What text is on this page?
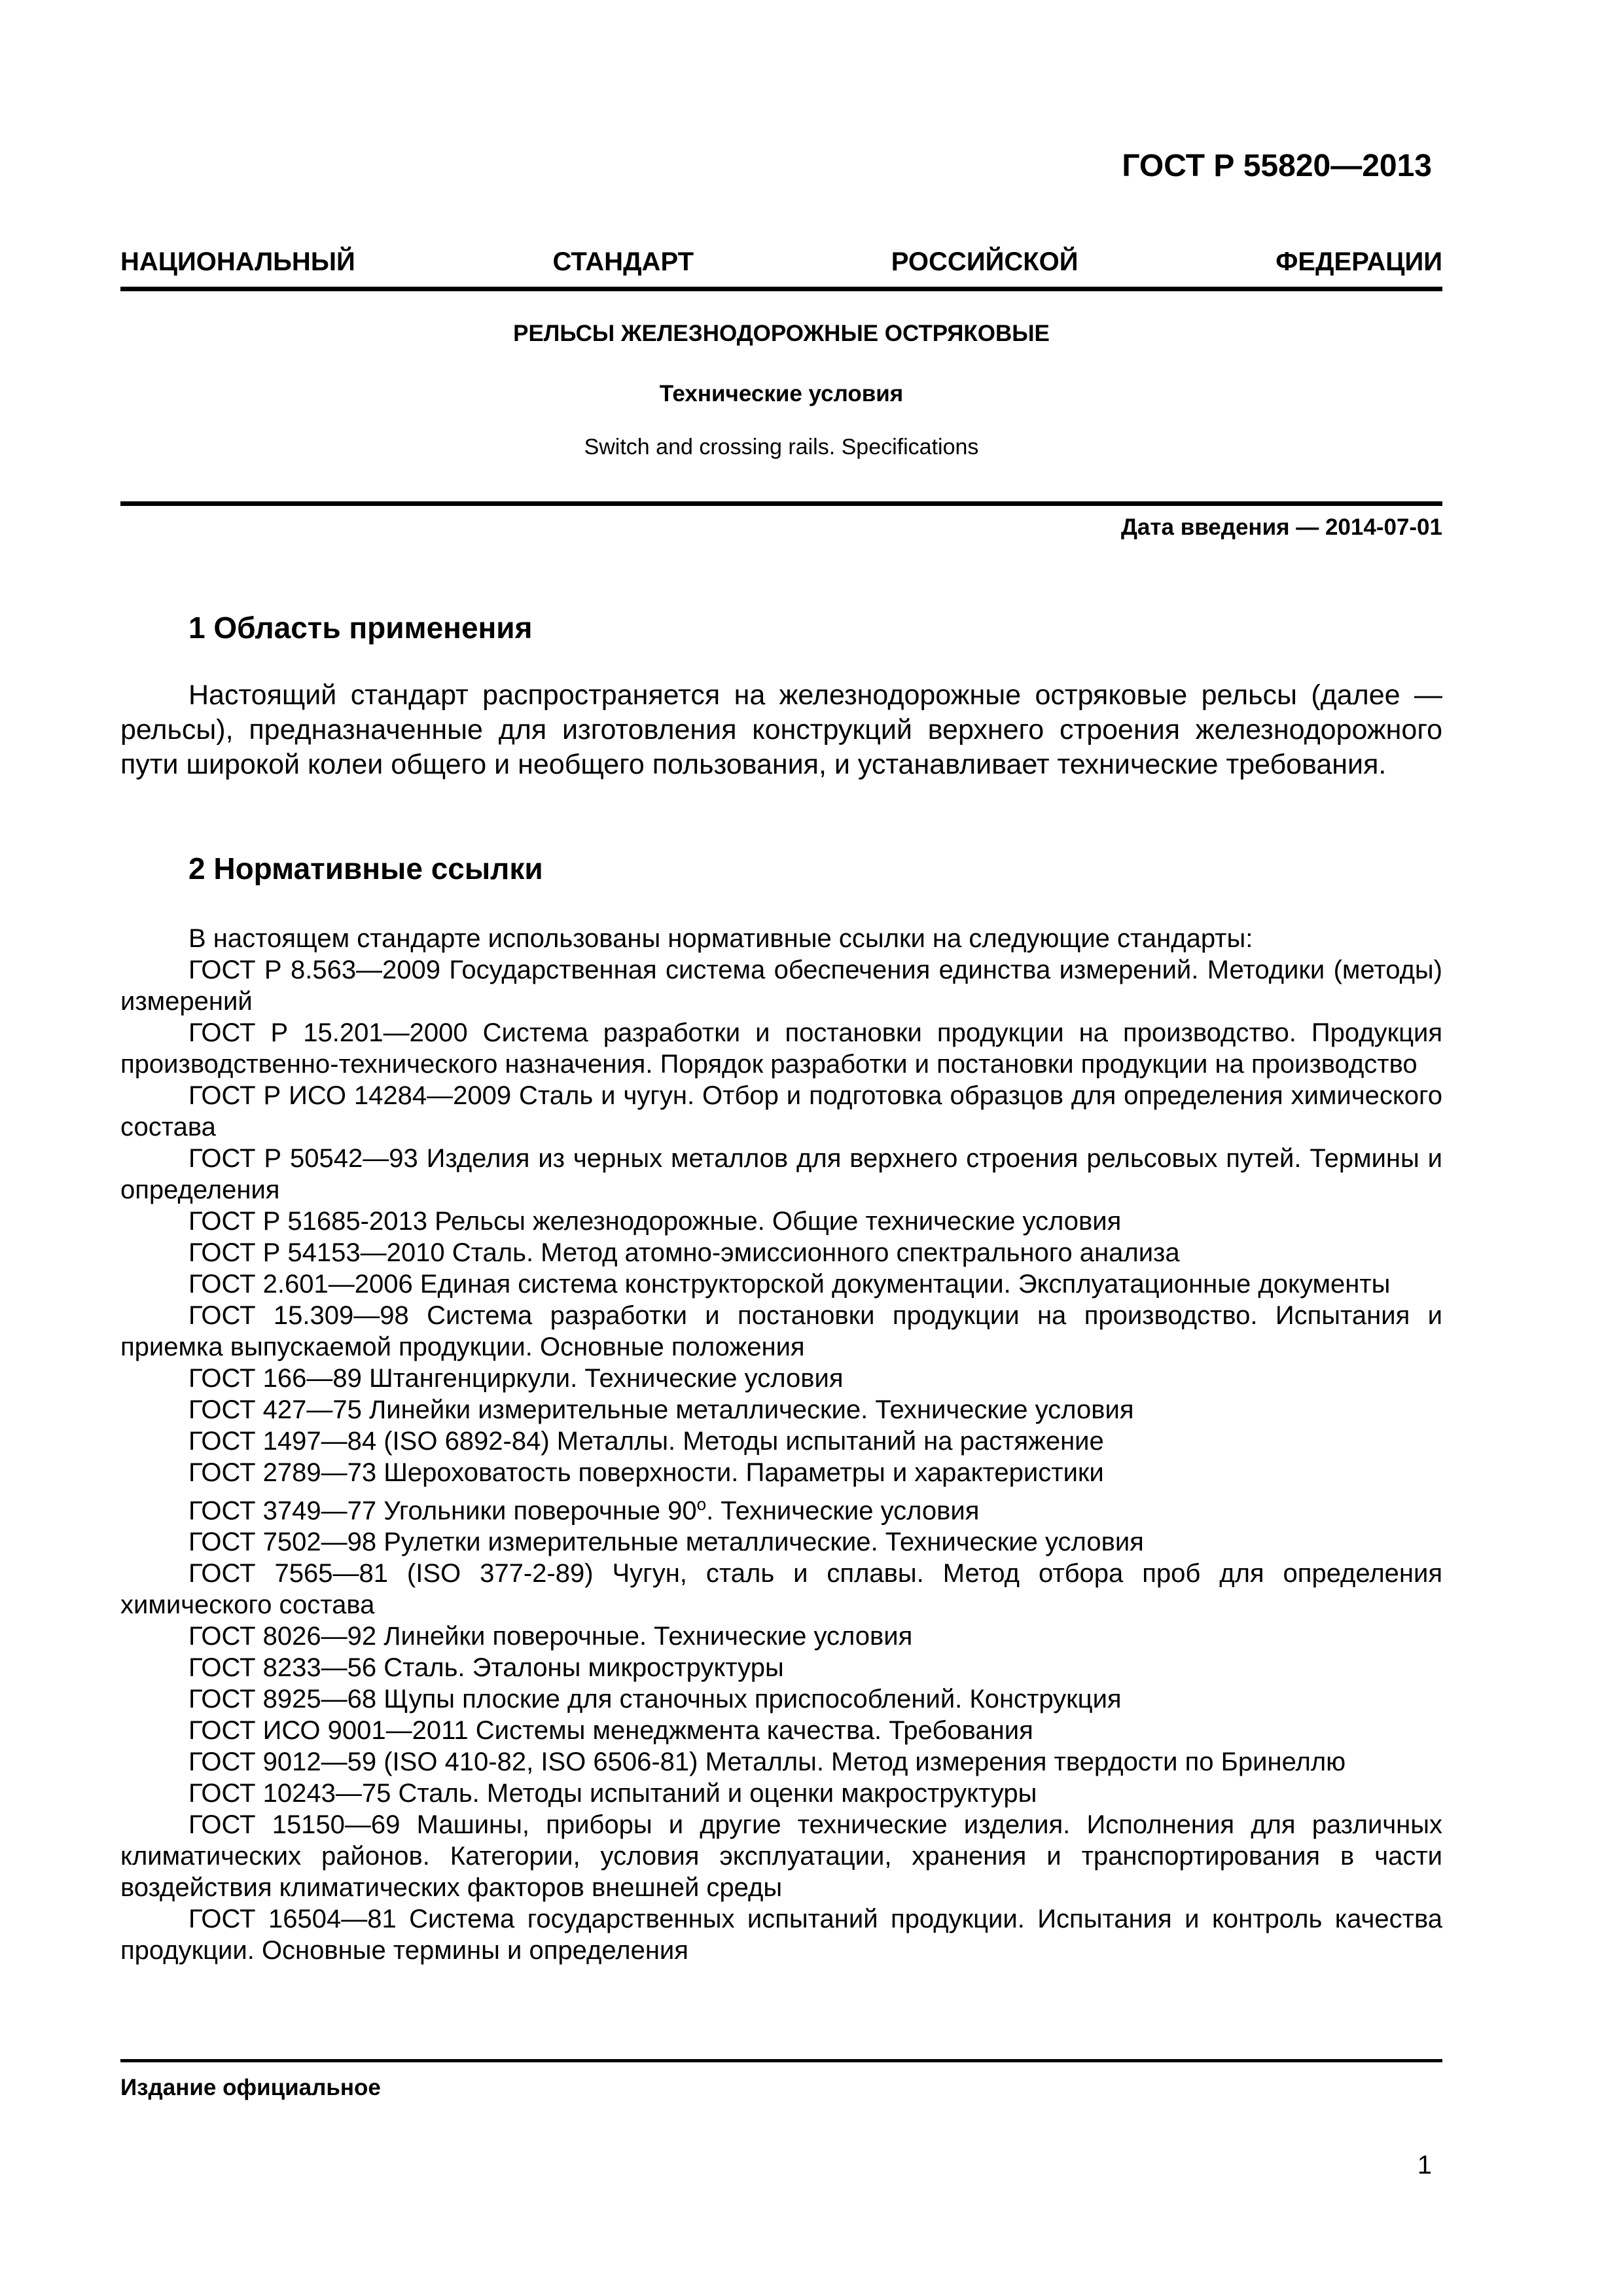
ГОСТ Р 55820—2013
НАЦИОНАЛЬНЫЙ	СТАНДАРТ	РОССИЙСКОЙ	ФЕДЕРАЦИИ
РЕЛЬСЫ ЖЕЛЕЗНОДОРОЖНЫЕ ОСТРЯКОВЫЕ
Технические условия
Switch and crossing rails. Specifications
Дата введения — 2014-07-01
1 Область применения

Настоящий стандарт распространяется на железнодорожные остряковые рельсы (далее — рельсы), предназначенные для изготовления конструкций верхнего строения железнодорожного пути широкой колеи общего и необщего пользования, и устанавливает технические требования.

2 Нормативные ссылки

В настоящем стандарте использованы нормативные ссылки на следующие стандарты:

ГОСТ Р 8.563—2009 Государственная система обеспечения единства измерений. Методики (методы) измерений

ГОСТ Р 15.201—2000 Система разработки и постановки продукции на производство. Продукция производственно-технического назначения. Порядок разработки и постановки продукции на производство

ГОСТ Р ИСО 14284—2009 Сталь и чугун. Отбор и подготовка образцов для определения химического состава

ГОСТ Р 50542—93 Изделия из черных металлов для верхнего строения рельсовых путей. Термины и определения

ГОСТ Р 51685-2013 Рельсы железнодорожные. Общие технические условия

ГОСТ Р 54153—2010 Сталь. Метод атомно-эмиссионного спектрального анализа

ГОСТ 2.601—2006 Единая система конструкторской документации. Эксплуатационные документы

ГОСТ 15.309—98 Система разработки и постановки продукции на производство. Испытания и приемка выпускаемой продукции. Основные положения

ГОСТ 166—89 Штангенциркули. Технические условия

ГОСТ 427—75 Линейки измерительные металлические. Технические условия

ГОСТ 1497—84 (ISO 6892-84) Металлы. Методы испытаний на растяжение

ГОСТ 2789—73 Шероховатость поверхности. Параметры и характеристики

ГОСТ 3749—77 Угольники поверочные 90$^o$. Технические условия

ГОСТ 7502—98 Рулетки измерительные металлические. Технические условия

ГОСТ 7565—81 (ISO 377-2-89) Чугун, сталь и сплавы. Метод отбора проб для определения химического состава

ГОСТ 8026—92 Линейки поверочные. Технические условия

ГОСТ 8233—56 Сталь. Эталоны микроструктуры

ГОСТ 8925—68 Щупы плоские для станочных приспособлений. Конструкция

ГОСТ ИСО 9001—2011 Системы менеджмента качества. Требования

ГОСТ 9012—59 (ISO 410-82, ISO 6506-81) Металлы. Метод измерения твердости по Бринеллю

ГОСТ 10243—75 Сталь. Методы испытаний и оценки макроструктуры

ГОСТ 15150—69 Машины, приборы и другие технические изделия. Исполнения для различных климатических районов. Категории, условия эксплуатации, хранения и транспортирования в части воздействия климатических факторов внешней среды

ГОСТ 16504—81 Система государственных испытаний продукции. Испытания и контроль качества продукции. Основные термины и определения

Издание официальное
1
